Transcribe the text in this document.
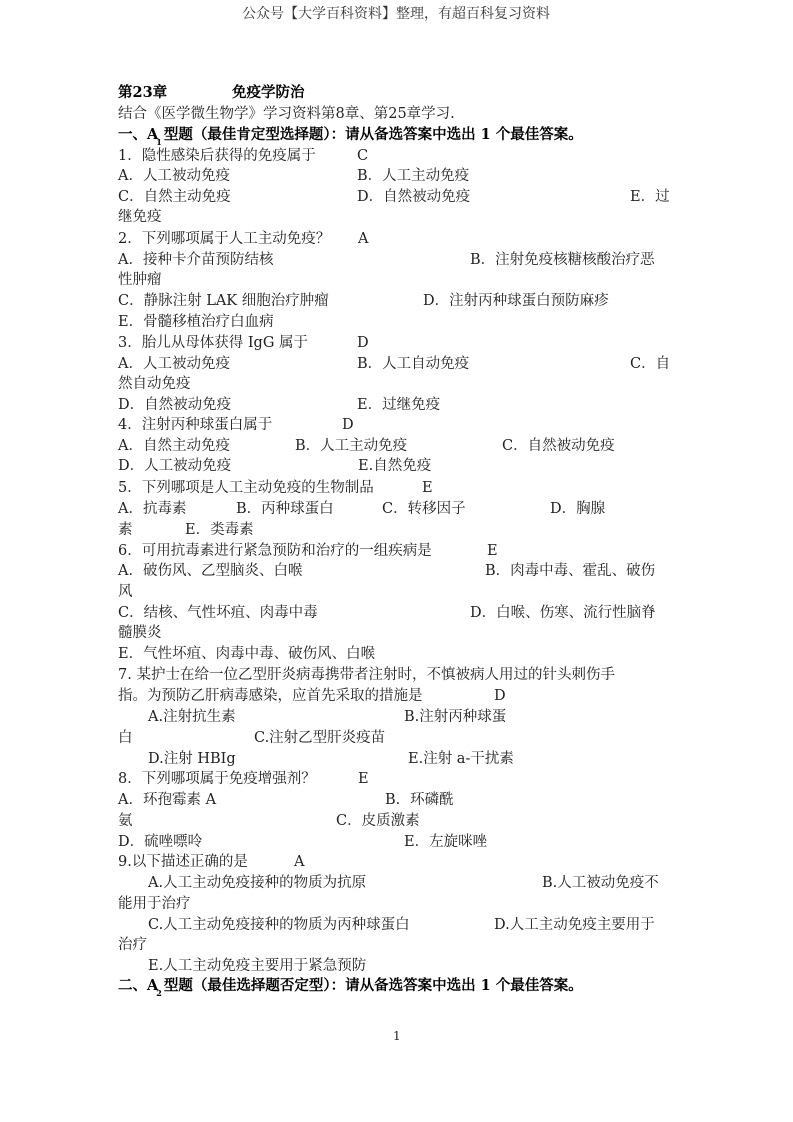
公众号【大学百科资料】整理，有超百科复习资料
第23章	免疫学防治
结合《医学微生物学》学习资料第8章、第25章学习.
一、$A_1$ 型题（最佳肯定型选择题）：请从备选答案中选出 1 个最佳答案。
1．隐性感染后获得的免疫属于	C
A．人工被动免疫	B．人工主动免疫
C．自然主动免疫	D．自然被动免疫	E．过
继免疫
2．下列哪项属于人工主动免疫？ A
A．接种卡介苗预防结核	B．注射免疫核糖核酸治疗恶
性肿瘤
C．静脉注射 LAK 细胞治疗肿瘤	D．注射丙种球蛋白预防麻疹
E．骨髓移植治疗白血病
3．胎儿从母体获得 IgG 属于	D
A．人工被动免疫	B．人工自动免疫	C．自
然自动免疫
D．自然被动免疫	E．过继免疫
4．注射丙种球蛋白属于	D
A．自然主动免疫	B．人工主动免疫	C．自然被动免疫
D．人工被动免疫	E.自然免疫
5．下列哪项是人工主动免疫的生物制品	E
A．抗毒素	B．丙种球蛋白	C．转移因子	D．胸腺
素	E．类毒素
6．可用抗毒素进行紧急预防和治疗的一组疾病是	E
A．破伤风、乙型脑炎、白喉	B．肉毒中毒、霍乱、破伤
风
C．结核、气性坏疽、肉毒中毒	D．白喉、伤寒、流行性脑脊
髓膜炎
E．气性坏疽、肉毒中毒、破伤风、白喉
7. 某护士在给一位乙型肝炎病毒携带者注射时，不慎被病人用过的针头刺伤手
指。为预防乙肝病毒感染，应首先采取的措施是	D
A.注射抗生素	B.注射丙种球蛋
白	C.注射乙型肝炎疫苗
D.注射 HBIg	E.注射 a-干扰素
8．下列哪项属于免疫增强剂？	E
A．环孢霉素 A	B．环磷酰
氨	C．皮质激素
D．硫唑嘌呤	E．左旋咪唑
9.以下描述正确的是	A
A.人工主动免疫接种的物质为抗原	B.人工被动免疫不
能用于治疗
C.人工主动免疫接种的物质为丙种球蛋白	D.人工主动免疫主要用于
治疗
E.人工主动免疫主要用于紧急预防
二、$A_2$ 型题（最佳选择题否定型）：请从备选答案中选出 1 个最佳答案。
1
